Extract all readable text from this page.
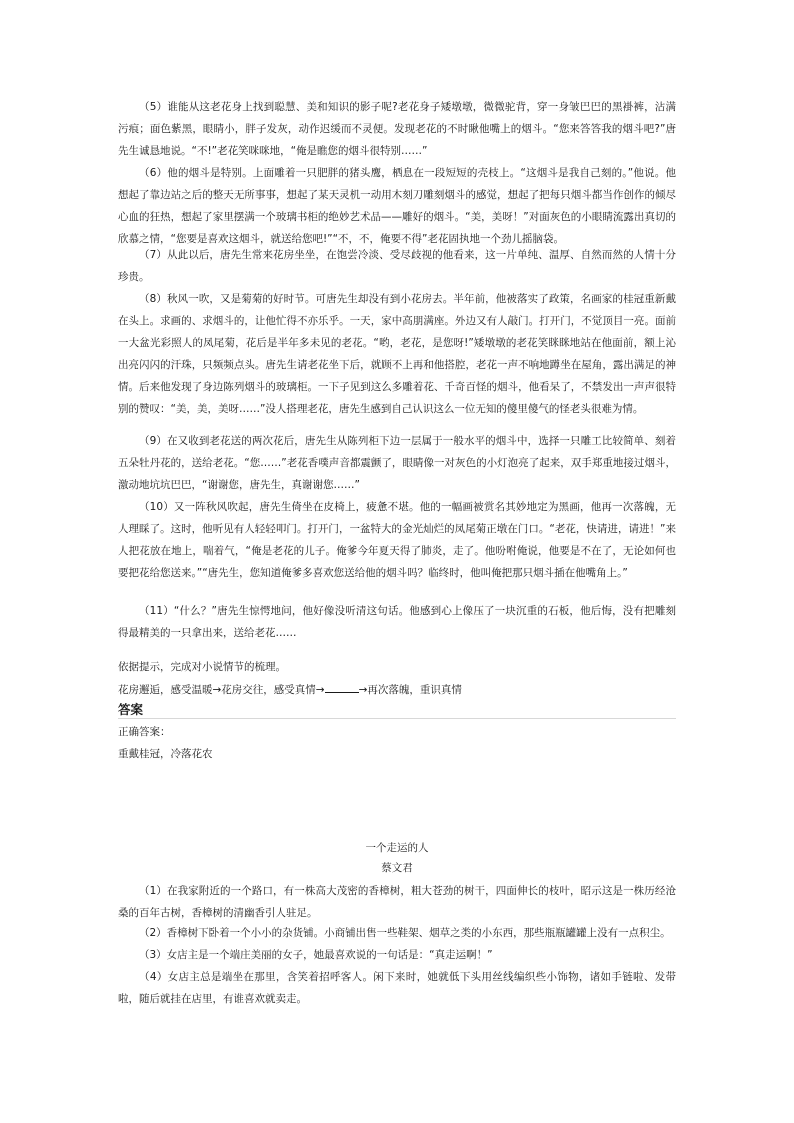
（5）谁能从这老花身上找到聪慧、美和知识的影子呢?老花身子矮墩墩，微微驼背，穿一身皱巴巴的黑褂裤，沾满污痕；面色紫黑，眼睛小，胖子发灰，动作迟缓而不灵便。发现老花的不时瞅他嘴上的烟斗。“您来答答我的烟斗吧?”唐先生诚恳地说。“不!”老花笑咪咪地，“俺是瞧您的烟斗很特别……”

（6）他的烟斗是特别。上面雕着一只肥胖的猪头鹰，栖息在一段短短的壳枝上。“这烟斗是我自己刻的。”他说。他想起了靠边站之后的整天无所事事，想起了某天灵机一动用木刻刀雕刻烟斗的感觉，想起了把每只烟斗都当作创作的倾尽心血的狂热，想起了家里摆满一个玻璃书柜的绝妙艺术品——雕好的烟斗。“美，美呀！”对面灰色的小眼睛流露出真切的欣慕之情，“您要是喜欢这烟斗，就送给您吧!”“不，不，俺要不得”老花固执地一个劲儿摇脑袋。

（7）从此以后，唐先生常来花房坐坐，在饱尝冷淡、受尽歧视的他看来，这一片单纯、温厚、自然而然的人情十分珍贵。

（8）秋风一吹，又是菊菊的好时节。可唐先生却没有到小花房去。半年前，他被落实了政策，名画家的桂冠重新戴在头上。求画的、求烟斗的，让他忙得不亦乐乎。一天，家中高朋满座。外边又有人敲门。打开门，不觉顶目一亮。面前一大盆光彩照人的凤尾菊，花后是半年多未见的老花。“哟，老花，是您呀!”矮墩墩的老花笑眯眯地站在他面前，额上沁出亮闪闪的汗珠，只频频点头。唐先生请老花坐下后，就顾不上再和他搭腔，老花一声不响地蹲坐在屋角，露出满足的神情。后来他发现了身边陈列烟斗的玻璃柜。一下子见到这么多雕着花、千奇百怪的烟斗，他看呆了，不禁发出一声声很特别的赞叹：“美，美，美呀……”没人搭理老花，唐先生感到自己认识这么一位无知的傻里傻气的怪老头很难为情。

（9）在又收到老花送的两次花后，唐先生从陈列柜下边一层属于一般水平的烟斗中，选择一只雕工比较简单、刻着五朵牡丹花的，送给老花。“您……”老花香噗声音都震颤了，眼睛像一对灰色的小灯泡亮了起来，双手郑重地接过烟斗，激动地坑坑巴巴，“谢谢您，唐先生，真谢谢您……”

（10）又一阵秋风吹起，唐先生倚坐在皮椅上，疲惫不堪。他的一幅画被赏名其妙地定为黑画，他再一次落魄，无人理睬了。这时，他听见有人轻轻叩门。打开门，一盆特大的金光灿烂的凤尾菊正墩在门口。“老花，快请进，请进！”来人把花放在地上，喘着气，“俺是老花的儿子。俺爹今年夏天得了肺炎，走了。他吩咐俺说，他要是不在了，无论如何也要把花给您送来。”“唐先生，您知道俺爹多喜欢您送给他的烟斗吗？临终时，他叫俺把那只烟斗插在他嘴角上。”

（11）“什么？”唐先生惊愕地问，他好像没听清这句话。他感到心上像压了一块沉重的石板，他后悔，没有把雕刻得最精美的一只拿出来，送给老花……

依据提示，完成对小说情节的梳理。

花房邂逅，感受温暖→花房交往，感受真情→	→再次落魄，重识真情

答案

正确答案：

重戴桂冠，冷落花农

一个走运的人

蔡文君

（1）在我家附近的一个路口，有一株高大茂密的香樟树，粗大苍劲的树干，四面伸长的枝叶，昭示这是一株历经沧桑的百年古树，香樟树的清幽香引人驻足。

（2）香樟树下卧着一个小小的杂货铺。小商铺出售一些鞋架、烟草之类的小东西，那些瓶瓶罐罐上没有一点积尘。

（3）女店主是一个端庄美丽的女子，她最喜欢说的一句话是：“真走运啊！”

（4）女店主总是端坐在那里，含笑着招呼客人。闲下来时，她就低下头用丝线编织些小饰物，诸如手链啦、发带啦，随后就挂在店里，有谁喜欢就卖走。
